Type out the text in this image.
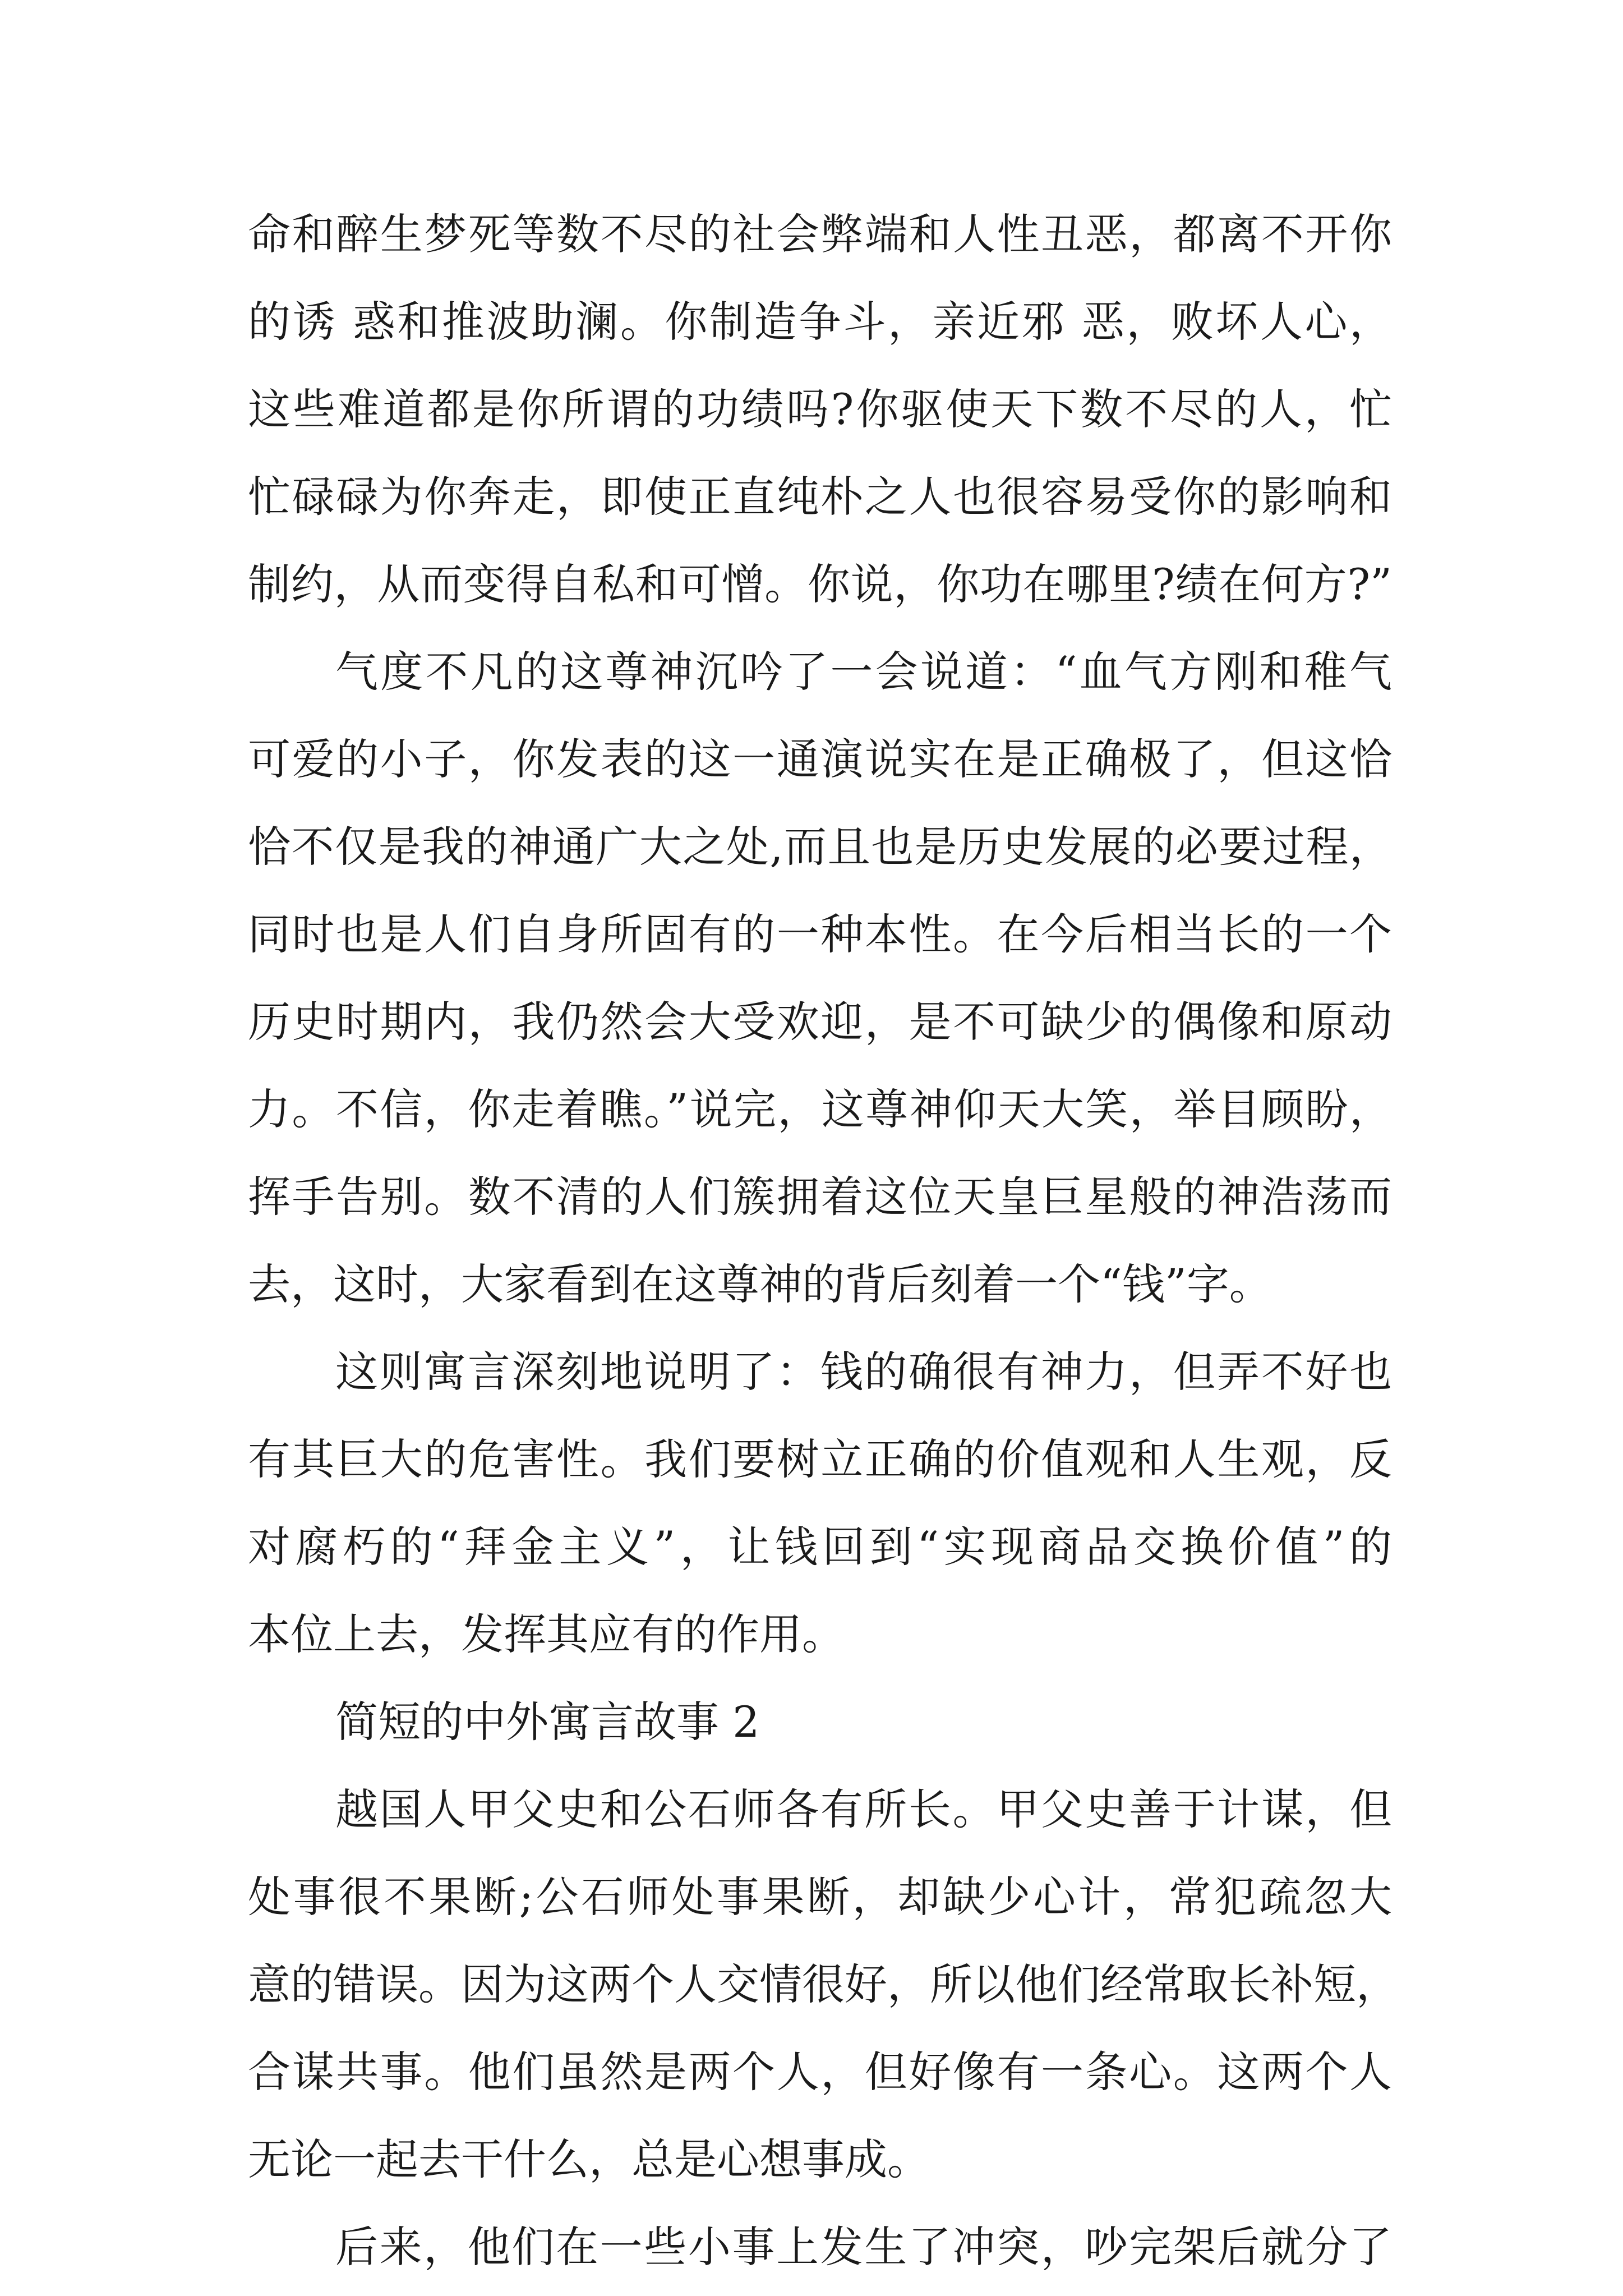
命和醉生梦死等数不尽的社会弊端和人性丑恶，都离不开你
的诱 惑和推波助澜。你制造争斗，亲近邪 恶，败坏人心，
这些难道都是你所谓的功绩吗?你驱使天下数不尽的人，忙
忙碌碌为你奔走，即使正直纯朴之人也很容易受你的影响和
制约，从而变得自私和可憎。你说，你功在哪里?绩在何方?”
气度不凡的这尊神沉吟了一会说道：“血气方刚和稚气
可爱的小子，你发表的这一通演说实在是正确极了，但这恰
恰不仅是我的神通广大之处,而且也是历史发展的必要过程，
同时也是人们自身所固有的一种本性。在今后相当长的一个
历史时期内，我仍然会大受欢迎，是不可缺少的偶像和原动
力。不信，你走着瞧。”说完，这尊神仰天大笑，举目顾盼，
挥手告别。数不清的人们簇拥着这位天皇巨星般的神浩荡而
去，这时，大家看到在这尊神的背后刻着一个“钱”字。
这则寓言深刻地说明了：钱的确很有神力，但弄不好也
有其巨大的危害性。我们要树立正确的价值观和人生观，反
对腐朽的“拜金主义”，让钱回到“实现商品交换价值”的
本位上去，发挥其应有的作用。
简短的中外寓言故事 2
越国人甲父史和公石师各有所长。甲父史善于计谋，但
处事很不果断;公石师处事果断，却缺少心计，常犯疏忽大
意的错误。因为这两个人交情很好，所以他们经常取长补短，
合谋共事。他们虽然是两个人，但好像有一条心。这两个人
无论一起去干什么，总是心想事成。
后来，他们在一些小事上发生了冲突，吵完架后就分了
